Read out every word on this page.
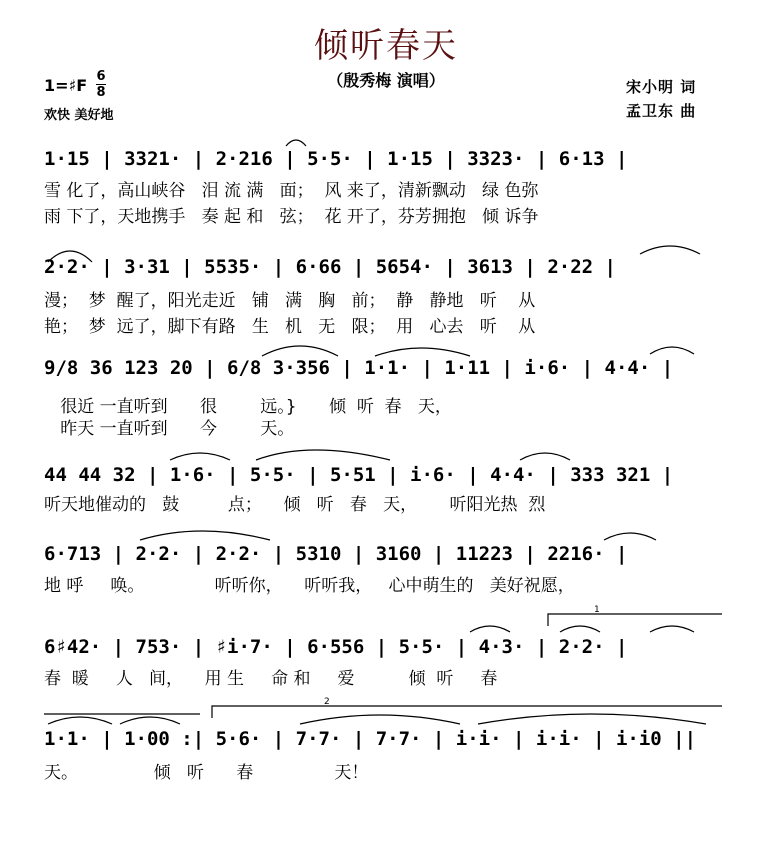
倾听春天
（殷秀梅 演唱）
1=♯F 6
8
欢快 美好地
宋小明 词
孟卫东 曲
1·15 | 3321· | 2·216 | 5·5· | 1·15 | 3323· | 6·13 |
雪 化了，高山峡谷   泪 流 满   面；  风 来了，清新飘动   绿 色弥
雨 下了，天地携手   奏 起 和   弦；  花 开了，芬芳拥抱   倾 诉争
2·2· | 3·31 | 5535· | 6·66 | 5654· | 3613 | 2·22 |
漫；  梦  醒了，阳光走近   铺   满   胸   前；  静   静地   听    从
艳；  梦  远了，脚下有路   生   机   无   限；  用   心去   听    从
9/8 36 123 20 | 6/8 3·356 | 1·1· | 1·11 | i·6· | 4·4· |
很近 一直听到      很        远。}      倾  听  春   天，
昨天 一直听到      今        天。
44 44 32 | 1·6· | 5·5· | 5·51 | i·6· | 4·4· | 333 321 |
听天地催动的   鼓         点；    倾   听   春   天，      听阳光热  烈
6·713 | 2·2· | 2·2· | 5310 | 3160 | 11223 | 2216· |
地 呼     唤。             听听你，    听听我，   心中萌生的   美好祝愿，
6♯42· | 753· | ♯i·7· | 6·556 | 5·5· | 4·3· | 2·2· |
春  暖     人   间，    用 生     命 和     爱          倾  听     春
1·1· | 1·00 :| 5·6· | 7·7· | 7·7· | i·i· | i·i· | i·i0 ||
天。              倾   听      春               天！
1
2
